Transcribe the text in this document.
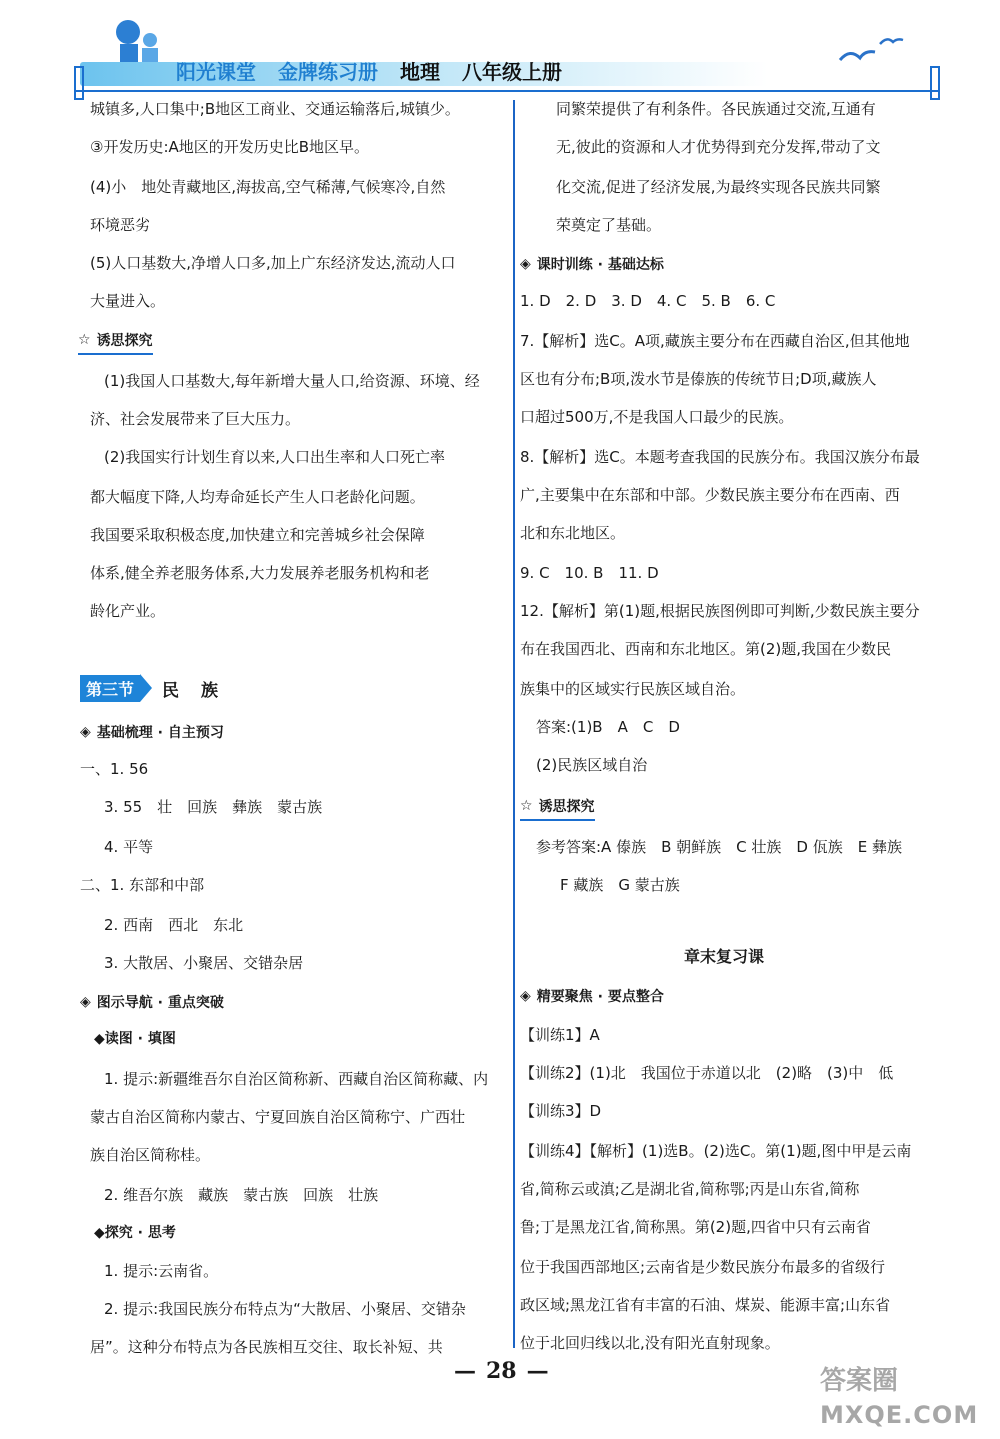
阳光课堂 金牌练习册 地理 八年级上册
城镇多,人口集中;B地区工商业、交通运输落后,城镇少。
③开发历史:A地区的开发历史比B地区早。
(4)小　地处青藏地区,海拔高,空气稀薄,气候寒冷,自然
环境恶劣
(5)人口基数大,净增人口多,加上广东经济发达,流动人口
大量进入。
☆ 诱思探究
(1)我国人口基数大,每年新增大量人口,给资源、环境、经
济、社会发展带来了巨大压力。
(2)我国实行计划生育以来,人口出生率和人口死亡率
都大幅度下降,人均寿命延长产生人口老龄化问题。
我国要采取积极态度,加快建立和完善城乡社会保障
体系,健全养老服务体系,大力发展养老服务机构和老
龄化产业。
第三节	民族
◈ 基础梳理 · 自主预习
一、1. 56
3. 55　壮　回族　彝族　蒙古族
4. 平等
二、1. 东部和中部
2. 西南　西北　东北
3. 大散居、小聚居、交错杂居
◈ 图示导航 · 重点突破
◆读图 · 填图
1. 提示:新疆维吾尔自治区简称新、西藏自治区简称藏、内
蒙古自治区简称内蒙古、宁夏回族自治区简称宁、广西壮
族自治区简称桂。
2. 维吾尔族　藏族　蒙古族　回族　壮族
◆探究 · 思考
1. 提示:云南省。
2. 提示:我国民族分布特点为“大散居、小聚居、交错杂
居”。这种分布特点为各民族相互交往、取长补短、共
同繁荣提供了有利条件。各民族通过交流,互通有
无,彼此的资源和人才优势得到充分发挥,带动了文
化交流,促进了经济发展,为最终实现各民族共同繁
荣奠定了基础。
◈ 课时训练 · 基础达标
1. D　2. D　3. D　4. C　5. B　6. C
7.【解析】选C。A项,藏族主要分布在西藏自治区,但其他地
区也有分布;B项,泼水节是傣族的传统节日;D项,藏族人
口超过500万,不是我国人口最少的民族。
8.【解析】选C。本题考查我国的民族分布。我国汉族分布最
广,主要集中在东部和中部。少数民族主要分布在西南、西
北和东北地区。
9. C　10. B　11. D
12.【解析】第(1)题,根据民族图例即可判断,少数民族主要分
布在我国西北、西南和东北地区。第(2)题,我国在少数民
族集中的区域实行民族区域自治。
答案:(1)B　A　C　D
(2)民族区域自治
☆ 诱思探究
参考答案:A 傣族　B 朝鲜族　C 壮族　D 佤族　E 彝族
F 藏族　G 蒙古族
章末复习课
◈ 精要聚焦 · 要点整合
【训练1】A
【训练2】(1)北　我国位于赤道以北　(2)略　(3)中　低
【训练3】D
【训练4】【解析】(1)选B。(2)选C。第(1)题,图中甲是云南
省,简称云或滇;乙是湖北省,简称鄂;丙是山东省,简称
鲁;丁是黑龙江省,简称黑。第(2)题,四省中只有云南省
位于我国西部地区;云南省是少数民族分布最多的省级行
政区域;黑龙江省有丰富的石油、煤炭、能源丰富;山东省
位于北回归线以北,没有阳光直射现象。
— 28 —	答案圈
MXQE.COM
